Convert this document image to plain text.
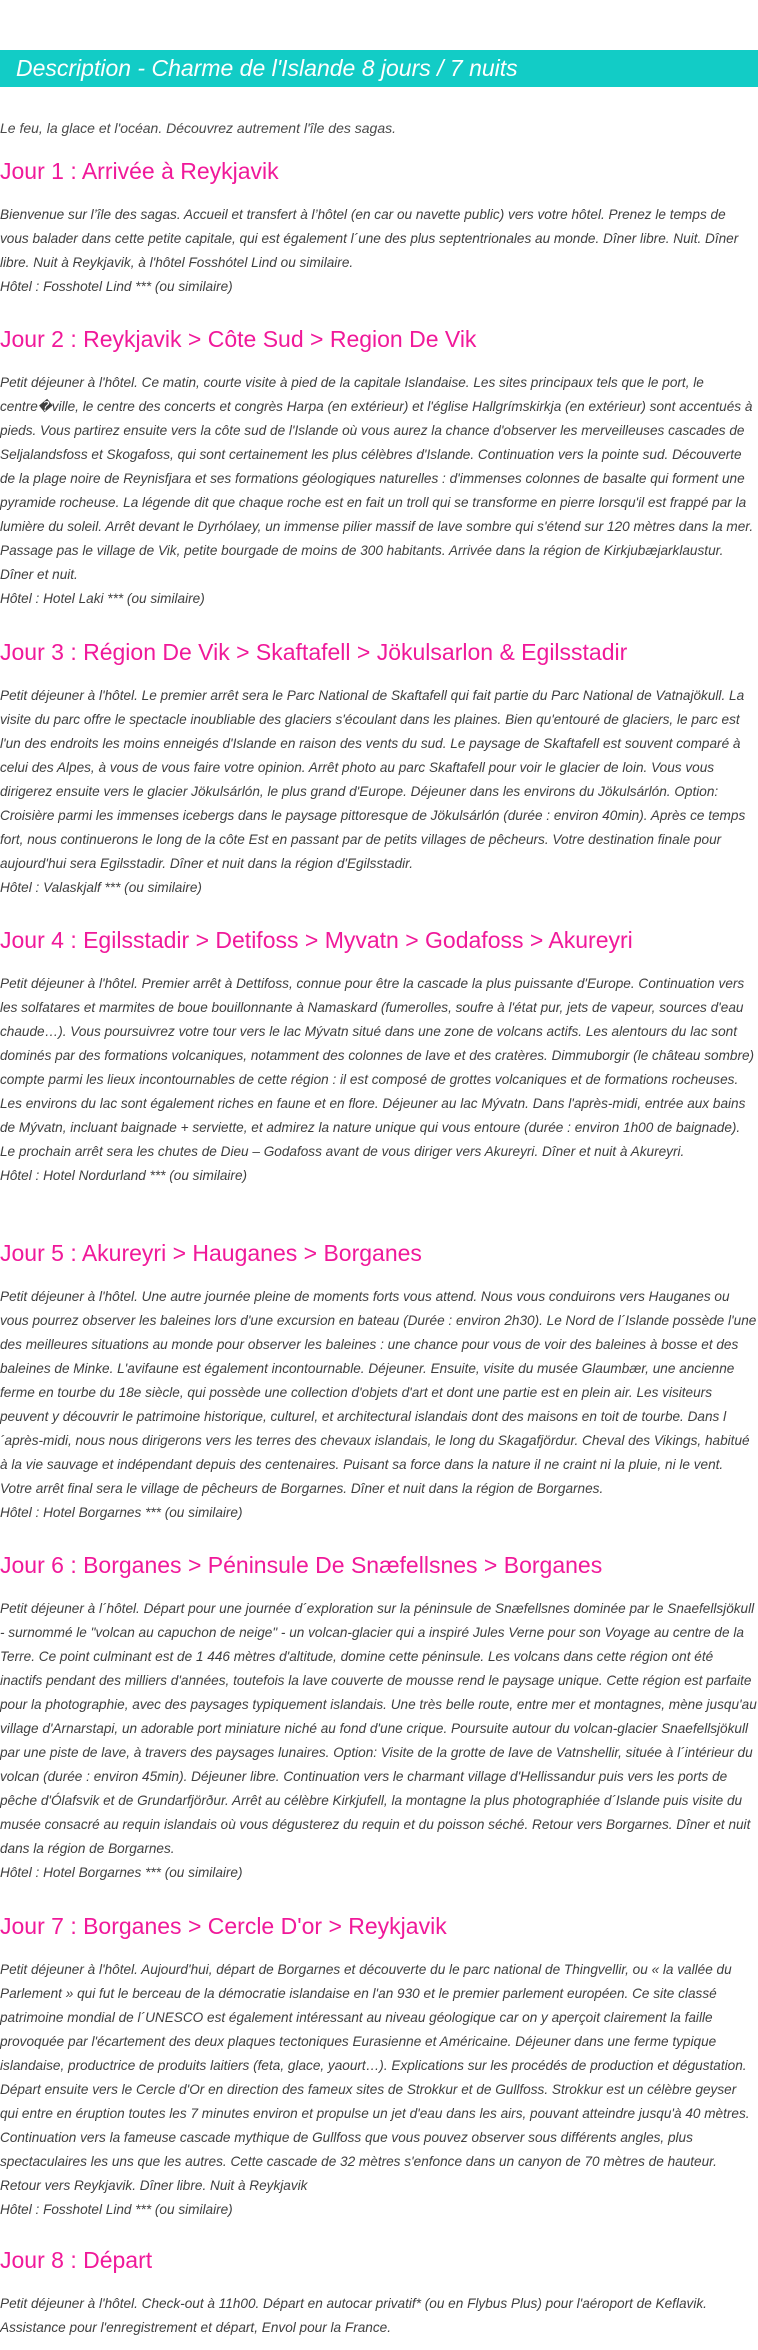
Description - Charme de l'Islande 8 jours / 7 nuits

Le feu, la glace et l'océan. Découvrez autrement l'île des sagas.

Jour 1 : Arrivée à Reykjavik

Bienvenue sur l’île des sagas. Accueil et transfert à l’hôtel (en car ou navette public) vers votre hôtel. Prenez le temps de vous balader dans cette petite capitale, qui est également l´une des plus septentrionales au monde. Dîner libre. Nuit. Dîner libre. Nuit à Reykjavik, à l'hôtel Fosshótel Lind ou similaire.

Hôtel : Fosshotel Lind *** (ou similaire)

Jour 2 : Reykjavik > Côte Sud > Region De Vik

Petit déjeuner à l'hôtel. Ce matin, courte visite à pied de la capitale Islandaise. Les sites principaux tels que le port, le centre�ville, le centre des concerts et congrès Harpa (en extérieur) et l'église Hallgrímskirkja (en extérieur) sont accentués à pieds. Vous partirez ensuite vers la côte sud de l'Islande où vous aurez la chance d'observer les merveilleuses cascades de Seljalandsfoss et Skogafoss, qui sont certainement les plus célèbres d'Islande. Continuation vers la pointe sud. Découverte de la plage noire de Reynisfjara et ses formations géologiques naturelles : d'immenses colonnes de basalte qui forment une pyramide rocheuse. La légende dit que chaque roche est en fait un troll qui se transforme en pierre lorsqu'il est frappé par la lumière du soleil. Arrêt devant le Dyrhólaey, un immense pilier massif de lave sombre qui s'étend sur 120 mètres dans la mer. Passage pas le village de Vik, petite bourgade de moins de 300 habitants. Arrivée dans la région de Kirkjubæjarklaustur. Dîner et nuit.

Hôtel : Hotel Laki *** (ou similaire)

Jour 3 : Région De Vik > Skaftafell > Jökulsarlon & Egilsstadir

Petit déjeuner à l'hôtel. Le premier arrêt sera le Parc National de Skaftafell qui fait partie du Parc National de Vatnajökull. La visite du parc offre le spectacle inoubliable des glaciers s'écoulant dans les plaines. Bien qu'entouré de glaciers, le parc est l'un des endroits les moins enneigés d'Islande en raison des vents du sud. Le paysage de Skaftafell est souvent comparé à celui des Alpes, à vous de vous faire votre opinion. Arrêt photo au parc Skaftafell pour voir le glacier de loin. Vous vous dirigerez ensuite vers le glacier Jökulsárlón, le plus grand d'Europe. Déjeuner dans les environs du Jökulsárlón. Option: Croisière parmi les immenses icebergs dans le paysage pittoresque de Jökulsárlón (durée : environ 40min). Après ce temps fort, nous continuerons le long de la côte Est en passant par de petits villages de pêcheurs. Votre destination finale pour aujourd'hui sera Egilsstadir. Dîner et nuit dans la région d'Egilsstadir.

Hôtel : Valaskjalf *** (ou similaire)

Jour 4 : Egilsstadir > Detifoss > Myvatn > Godafoss > Akureyri

Petit déjeuner à l'hôtel. Premier arrêt à Dettifoss, connue pour être la cascade la plus puissante d'Europe. Continuation vers les solfatares et marmites de boue bouillonnante à Namaskard (fumerolles, soufre à l'état pur, jets de vapeur, sources d'eau chaude…). Vous poursuivrez votre tour vers le lac Mývatn situé dans une zone de volcans actifs. Les alentours du lac sont dominés par des formations volcaniques, notamment des colonnes de lave et des cratères. Dimmuborgir (le château sombre) compte parmi les lieux incontournables de cette région : il est composé de grottes volcaniques et de formations rocheuses. Les environs du lac sont également riches en faune et en flore. Déjeuner au lac Mývatn. Dans l'après-midi, entrée aux bains de Mývatn, incluant baignade + serviette, et admirez la nature unique qui vous entoure (durée : environ 1h00 de baignade). Le prochain arrêt sera les chutes de Dieu – Godafoss avant de vous diriger vers Akureyri. Dîner et nuit à Akureyri.

Hôtel : Hotel Nordurland *** (ou similaire)

Jour 5 : Akureyri > Hauganes > Borganes

Petit déjeuner à l'hôtel. Une autre journée pleine de moments forts vous attend. Nous vous conduirons vers Hauganes ou vous pourrez observer les baleines lors d'une excursion en bateau (Durée : environ 2h30). Le Nord de l´Islande possède l'une des meilleures situations au monde pour observer les baleines : une chance pour vous de voir des baleines à bosse et des baleines de Minke. L'avifaune est également incontournable. Déjeuner. Ensuite, visite du musée Glaumbær, une ancienne ferme en tourbe du 18e siècle, qui possède une collection d'objets d'art et dont une partie est en plein air. Les visiteurs peuvent y découvrir le patrimoine historique, culturel, et architectural islandais dont des maisons en toit de tourbe. Dans l´après-midi, nous nous dirigerons vers les terres des chevaux islandais, le long du Skagafjördur. Cheval des Vikings, habitué à la vie sauvage et indépendant depuis des centenaires. Puisant sa force dans la nature il ne craint ni la pluie, ni le vent. Votre arrêt final sera le village de pêcheurs de Borgarnes. Dîner et nuit dans la région de Borgarnes.

Hôtel : Hotel Borgarnes *** (ou similaire)

Jour 6 : Borganes > Péninsule De Snæfellsnes > Borganes

Petit déjeuner à l´hôtel. Départ pour une journée d´exploration sur la péninsule de Snæfellsnes dominée par le Snaefellsjökull - surnommé le "volcan au capuchon de neige" - un volcan-glacier qui a inspiré Jules Verne pour son Voyage au centre de la Terre. Ce point culminant est de 1 446 mètres d'altitude, domine cette péninsule. Les volcans dans cette région ont été inactifs pendant des milliers d'années, toutefois la lave couverte de mousse rend le paysage unique. Cette région est parfaite pour la photographie, avec des paysages typiquement islandais. Une très belle route, entre mer et montagnes, mène jusqu'au village d'Arnarstapi, un adorable port miniature niché au fond d'une crique. Poursuite autour du volcan-glacier Snaefellsjökull par une piste de lave, à travers des paysages lunaires. Option: Visite de la grotte de lave de Vatnshellir, située à l´intérieur du volcan (durée : environ 45min). Déjeuner libre. Continuation vers le charmant village d'Hellissandur puis vers les ports de pêche d'Ólafsvik et de Grundarfjörður. Arrêt au célèbre Kirkjufell, la montagne la plus photographiée d´Islande puis visite du musée consacré au requin islandais où vous dégusterez du requin et du poisson séché. Retour vers Borgarnes. Dîner et nuit dans la région de Borgarnes.

Hôtel : Hotel Borgarnes *** (ou similaire)

Jour 7 : Borganes > Cercle D'or > Reykjavik

Petit déjeuner à l'hôtel. Aujourd'hui, départ de Borgarnes et découverte du le parc national de Thingvellir, ou « la vallée du Parlement » qui fut le berceau de la démocratie islandaise en l'an 930 et le premier parlement européen. Ce site classé patrimoine mondial de l´UNESCO est également intéressant au niveau géologique car on y aperçoit clairement la faille provoquée par l'écartement des deux plaques tectoniques Eurasienne et Américaine. Déjeuner dans une ferme typique islandaise, productrice de produits laitiers (feta, glace, yaourt…). Explications sur les procédés de production et dégustation. Départ ensuite vers le Cercle d'Or en direction des fameux sites de Strokkur et de Gullfoss. Strokkur est un célèbre geyser qui entre en éruption toutes les 7 minutes environ et propulse un jet d'eau dans les airs, pouvant atteindre jusqu'à 40 mètres. Continuation vers la fameuse cascade mythique de Gullfoss que vous pouvez observer sous différents angles, plus spectaculaires les uns que les autres. Cette cascade de 32 mètres s'enfonce dans un canyon de 70 mètres de hauteur. Retour vers Reykjavik. Dîner libre. Nuit à Reykjavik

Hôtel : Fosshotel Lind *** (ou similaire)

Jour 8 : Départ

Petit déjeuner à l'hôtel. Check-out à 11h00. Départ en autocar privatif* (ou en Flybus Plus) pour l'aéroport de Keflavik. Assistance pour l'enregistrement et départ, Envol pour la France.
